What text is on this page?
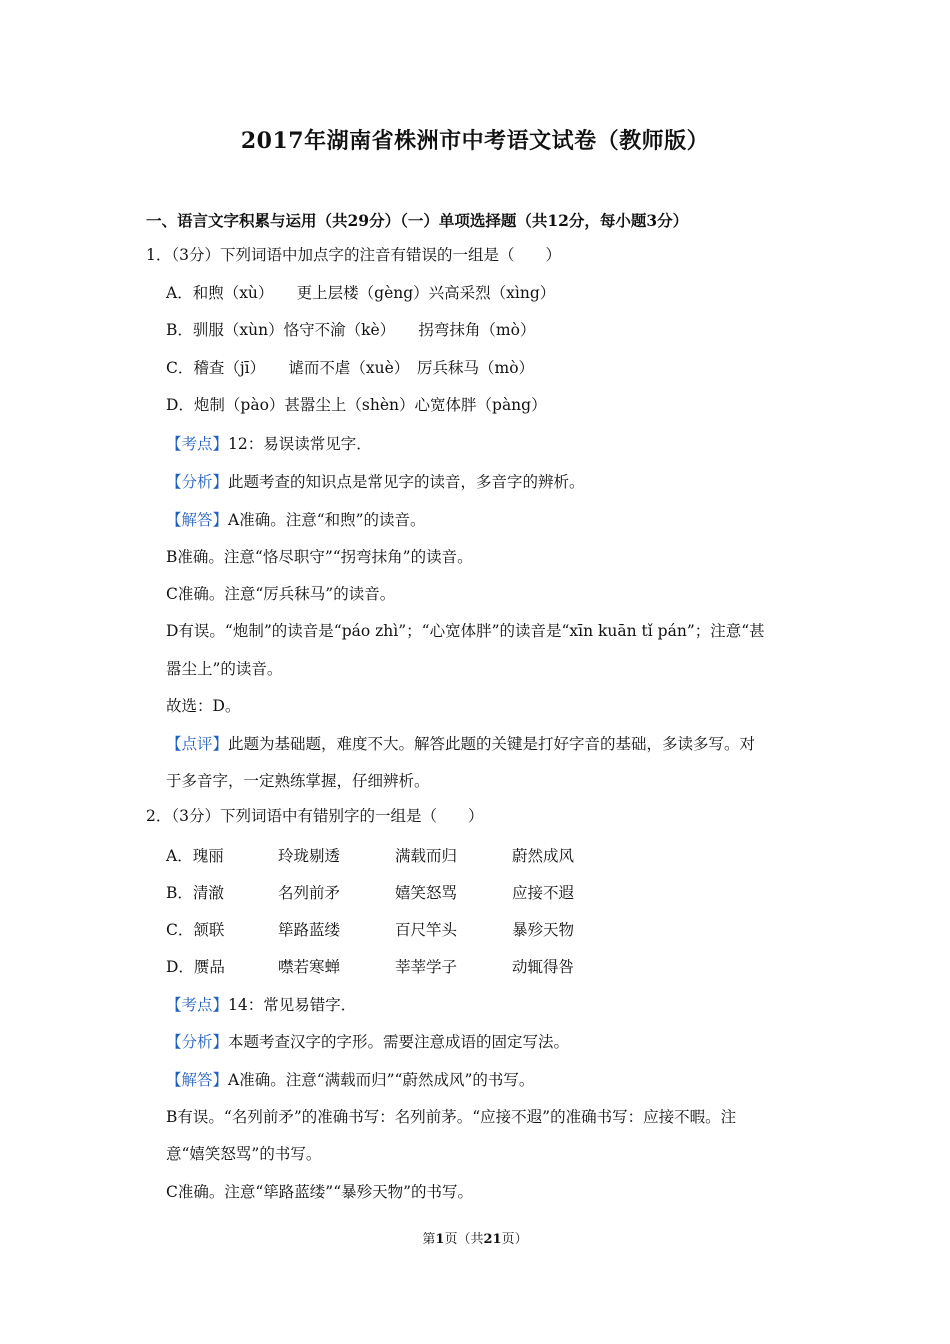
2017年湖南省株洲市中考语文试卷（教师版）
一、语言文字积累与运用（共29分）（一）单项选择题（共12分，每小题3分）
1．（3分）下列词语中加点字的注音有错误的一组是（　　）
A．和煦（xù）　　更上层楼（gèng）兴高采烈（xìng）
B．驯服（xùn）恪守不渝（kè）　　拐弯抹角（mò）
C．稽查（jī）　　谑而不虐（xuè）　厉兵秣马（mò）
D．炮制（pào）甚嚣尘上（shèn）心宽体胖（pàng）
【考点】12：易误读常见字．
【分析】此题考查的知识点是常见字的读音，多音字的辨析。
【解答】A准确。注意“和煦”的读音。
B准确。注意“恪尽职守”“拐弯抹角”的读音。
C准确。注意“厉兵秣马”的读音。
D有误。“炮制”的读音是“páo zhì”；“心宽体胖”的读音是“xīn kuān tǐ pán”；注意“甚
嚣尘上”的读音。
故选：D。
【点评】此题为基础题，难度不大。解答此题的关键是打好字音的基础，多读多写。对
于多音字，一定熟练掌握，仔细辨析。
2．（3分）下列词语中有错别字的一组是（　　）
A．瑰丽	玲珑剔透	满载而归	蔚然成风
B．清澈	名列前矛	嬉笑怒骂	应接不遐
C．颔联	筚路蓝缕	百尺竿头	暴殄天物
D．赝品	噤若寒蝉	莘莘学子	动辄得咎
【考点】14：常见易错字．
【分析】本题考查汉字的字形。需要注意成语的固定写法。
【解答】A准确。注意“满载而归”“蔚然成风”的书写。
B有误。“名列前矛”的准确书写：名列前茅。“应接不遐”的准确书写：应接不暇。注
意“嬉笑怒骂”的书写。
C准确。注意“筚路蓝缕”“暴殄天物”的书写。
第1页（共21页）
